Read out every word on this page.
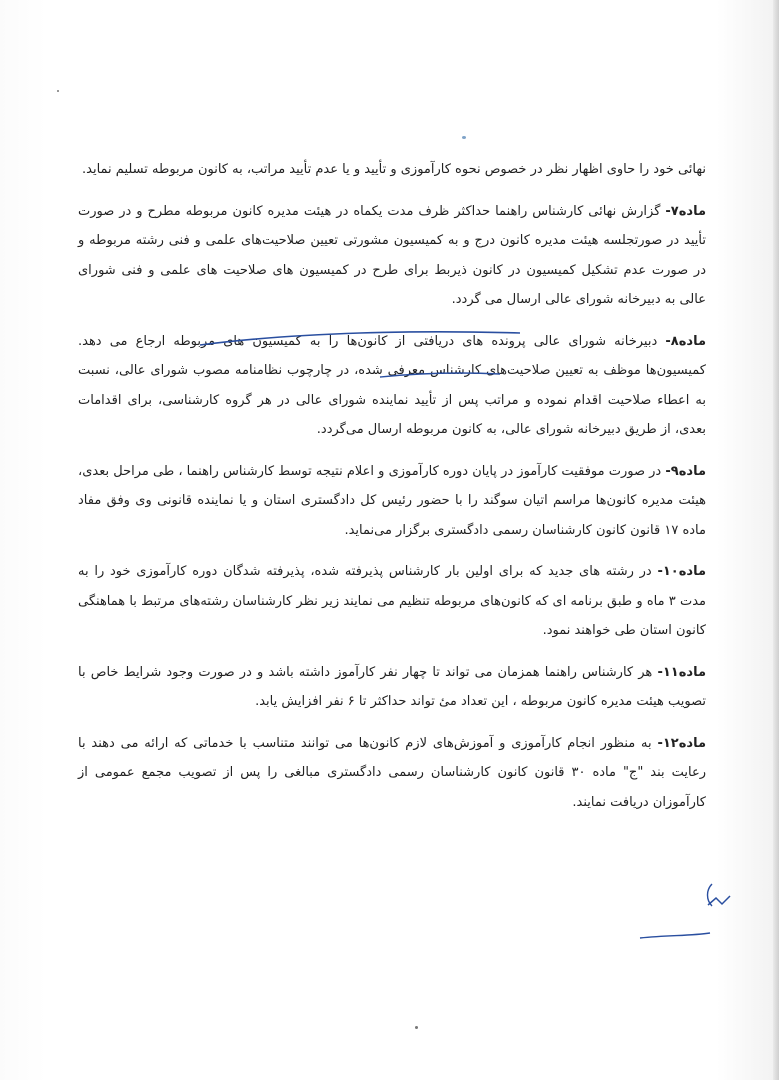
نهائی خود را حاوی اظهار نظر در خصوص نحوه کارآموزی و تأیید و یا عدم تأیید مراتب، به کانون مربوطه تسلیم نماید.

ماده۷- گزارش نهائی کارشناس راهنما حداکثر ظرف مدت یکماه در هیئت مدیره کانون مربوطه مطرح و در صورت تأیید در صورتجلسه هیئت مدیره کانون درج و به کمیسیون مشورتی تعیین صلاحیت‌های علمی و فنی رشته مربوطه و در صورت عدم تشکیل کمیسیون در کانون ذیربط برای طرح در کمیسیون های صلاحیت های علمی و فنی شورای عالی به دبیرخانه شورای عالی ارسال می گردد.

ماده۸- دبیرخانه شورای عالی پرونده های دریافتی از کانون‌ها را به کمیسیون های مربوطه ارجاع می دهد. کمیسیون‌ها موظف به تعیین صلاحیت‌های کارشناس معرفی شده، در چارچوب نظامنامه مصوب شورای عالی، نسبت به اعطاء صلاحیت اقدام نموده و مراتب پس از تأیید نماینده شورای عالی در هر گروه کارشناسی، برای اقدامات بعدی، از طریق دبیرخانه شورای عالی، به کانون مربوطه ارسال می‌گردد.

ماده۹- در صورت موفقیت کارآموز در پایان دوره کارآموزی و اعلام نتیجه توسط کارشناس راهنما ، طی مراحل بعدی، هیئت مدیره کانون‌ها مراسم اتیان سوگند را با حضور رئیس کل دادگستری استان و یا نماینده قانونی وی وفق مفاد ماده ۱۷ قانون کانون کارشناسان رسمی دادگستری برگزار می‌نماید.

ماده۱۰- در رشته های جدید که برای اولین بار کارشناس پذیرفته شده، پذیرفته شدگان دوره کارآموزی خود را به مدت ۳ ماه و طبق برنامه ای که کانون‌های مربوطه تنظیم می نمایند زیر نظر کارشناسان رشته‌های مرتبط با هماهنگی کانون استان طی خواهند نمود.

ماده۱۱- هر کارشناس راهنما همزمان می تواند تا چهار نفر کارآموز داشته باشد و در صورت وجود شرایط خاص با تصویب هیئت مدیره کانون مربوطه ، این تعداد میٔ تواند حداکثر تا ۶ نفر افزایش یابد.

ماده۱۲- به منظور انجام کارآموزی و آموزش‌های لازم کانون‌ها می توانند متناسب با خدماتی که ارائه می دهند با رعایت بند "ج" ماده ۳۰ قانون کانون کارشناسان رسمی دادگستری مبالغی را پس از تصویب مجمع عمومی از کارآموزان دریافت نمایند.
